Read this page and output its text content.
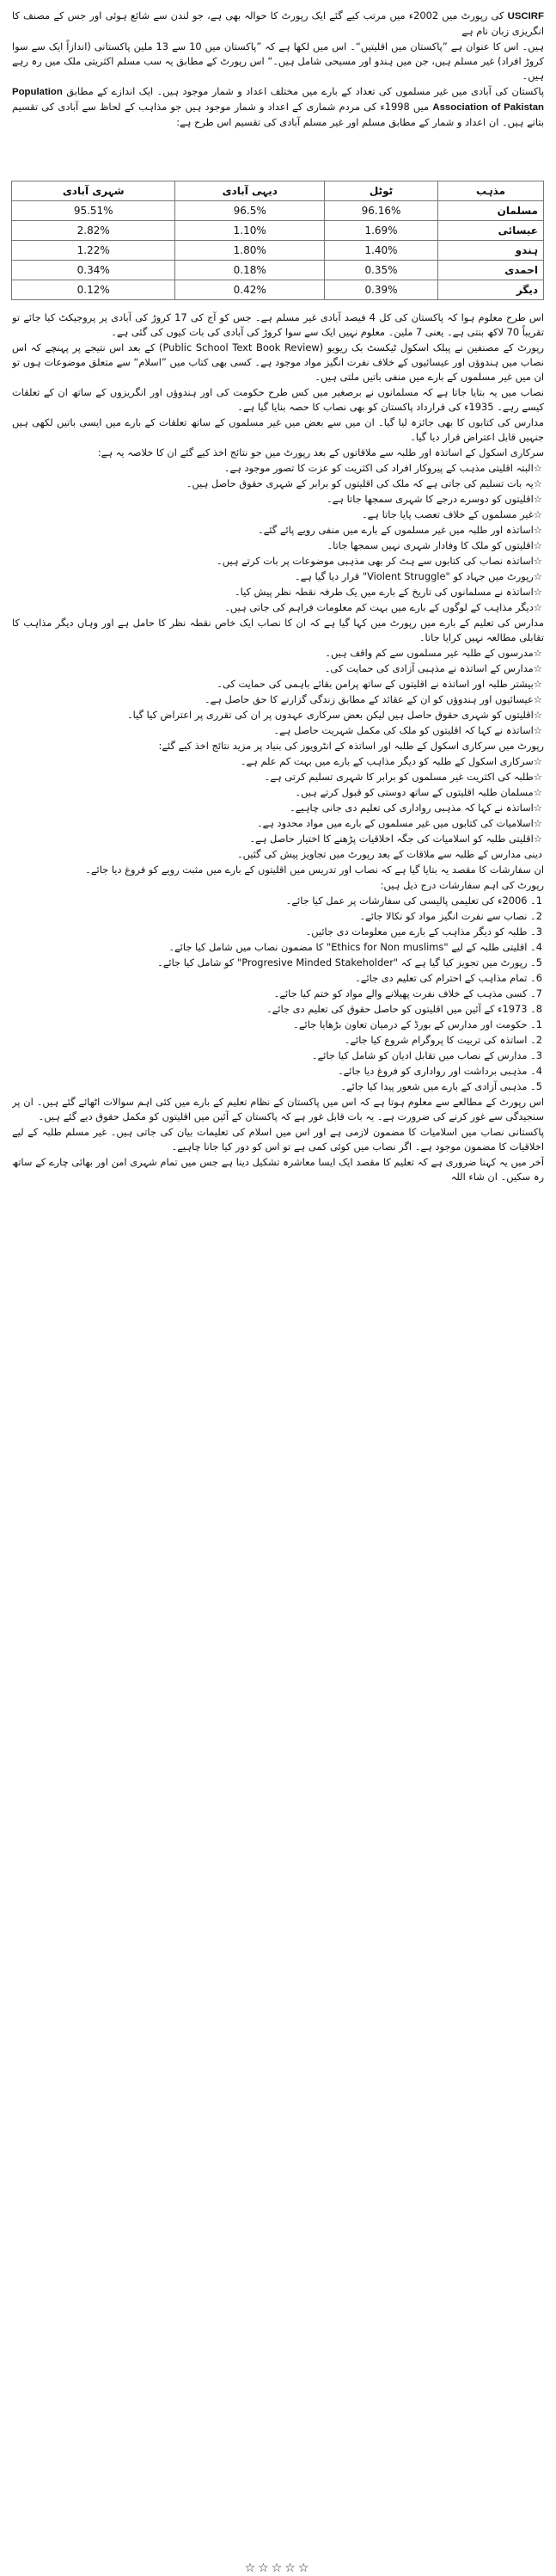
USCIRF کی رپورٹ میں 2002ء میں مرتب کیے گئے ایک رپورٹ کا حوالہ بھی ہے، جو لندن سے شائع ہوئی اور جس کے مصنف کا انگریزی زبان نام ہے

ہیں۔ اس کا عنوان ہے ”پاکستان میں اقلیتیں“۔ اس میں لکھا ہے کہ ”پاکستان میں 10 سے 13 ملین پاکستانی (اندازاً ایک سے سوا کروڑ افراد) غیر مسلم ہیں، جن میں ہندو اور مسیحی شامل ہیں۔“ اس رپورٹ کے مطابق یہ سب مسلم اکثریتی ملک میں رہ رہے ہیں۔

پاکستان کی آبادی میں غیر مسلموں کی تعداد کے بارے میں مختلف اعداد و شمار موجود ہیں۔ ایک اندازے کے مطابق Population Association of Pakistan میں 1998ء کی مردم شماری کے اعداد و شمار موجود ہیں جو مذاہب کے لحاظ سے آبادی کی تقسیم بتاتے ہیں۔ ان اعداد و شمار کے مطابق مسلم اور غیر مسلم آبادی کی تقسیم اس طرح ہے:

مذہب	ٹوٹل	دیہی آبادی	شہری آبادی
مسلمان	96.16%	96.5%	95.51%
عیسائی	1.69%	1.10%	2.82%
ہندو	1.40%	1.80%	1.22%
احمدی	0.35%	0.18%	0.34%
دیگر	0.39%	0.42%	0.12%

اس طرح معلوم ہوا کہ پاکستان کی کل 4 فیصد آبادی غیر مسلم ہے۔ جس کو آج کی 17 کروڑ کی آبادی پر پروجیکٹ کیا جائے تو تقریباً 70 لاکھ بنتی ہے۔ یعنی 7 ملین۔ معلوم نہیں ایک سے سوا کروڑ کی آبادی کی بات کیوں کی گئی ہے۔

رپورٹ کے مصنفین نے پبلک اسکول ٹیکسٹ بک ریویو (Public School Text Book Review) کے بعد اس نتیجے پر پہنچے کہ اس نصاب میں ہندوؤں اور عیسائیوں کے خلاف نفرت انگیز مواد موجود ہے۔ کسی بھی کتاب میں ”اسلام“ سے متعلق موضوعات ہوں تو ان میں غیر مسلموں کے بارے میں منفی باتیں ملتی ہیں۔

نصاب میں یہ بتایا جاتا ہے کہ مسلمانوں نے برصغیر میں کس طرح حکومت کی اور ہندوؤں اور انگریزوں کے ساتھ ان کے تعلقات کیسے رہے۔ 1935ء کی قرارداد پاکستان کو بھی نصاب کا حصہ بنایا گیا ہے۔

مدارس کی کتابوں کا بھی جائزہ لیا گیا۔ ان میں سے بعض میں غیر مسلموں کے ساتھ تعلقات کے بارے میں ایسی باتیں لکھی ہیں جنہیں قابل اعتراض قرار دیا گیا۔

سرکاری اسکول کے اساتذہ اور طلبہ سے ملاقاتوں کے بعد رپورٹ میں جو نتائج اخذ کیے گئے ان کا خلاصہ یہ ہے:

☆البتہ اقلیتی مذہب کے پیروکار افراد کی اکثریت کو عزت کا تصور موجود ہے۔

☆یہ بات تسلیم کی جاتی ہے کہ ملک کی اقلیتوں کو برابر کے شہری حقوق حاصل ہیں۔

☆اقلیتوں کو دوسرے درجے کا شہری سمجھا جاتا ہے۔

☆غیر مسلموں کے خلاف تعصب پایا جاتا ہے۔

☆اساتذہ اور طلبہ میں غیر مسلموں کے بارے میں منفی رویے پائے گئے۔

☆اقلیتوں کو ملک کا وفادار شہری نہیں سمجھا جاتا۔

☆اساتذہ نصاب کی کتابوں سے ہٹ کر بھی مذہبی موضوعات پر بات کرتے ہیں۔

☆رپورٹ میں جہاد کو "Violent Struggle" قرار دیا گیا ہے۔

☆اساتذہ نے مسلمانوں کی تاریخ کے بارے میں یک طرفہ نقطہ نظر پیش کیا۔

☆دیگر مذاہب کے لوگوں کے بارے میں بہت کم معلومات فراہم کی جاتی ہیں۔

مدارس کی تعلیم کے بارے میں رپورٹ میں کہا گیا ہے کہ ان کا نصاب ایک خاص نقطہ نظر کا حامل ہے اور وہاں دیگر مذاہب کا تقابلی مطالعہ نہیں کرایا جاتا۔

☆مدرسوں کے طلبہ غیر مسلموں سے کم واقف ہیں۔

☆مدارس کے اساتذہ نے مذہبی آزادی کی حمایت کی۔

☆بیشتر طلبہ اور اساتذہ نے اقلیتوں کے ساتھ پرامن بقائے باہمی کی حمایت کی۔

☆عیسائیوں اور ہندوؤں کو ان کے عقائد کے مطابق زندگی گزارنے کا حق حاصل ہے۔

☆اقلیتوں کو شہری حقوق حاصل ہیں لیکن بعض سرکاری عہدوں پر ان کی تقرری پر اعتراض کیا گیا۔

☆اساتذہ نے کہا کہ اقلیتوں کو ملک کی مکمل شہریت حاصل ہے۔

رپورٹ میں سرکاری اسکول کے طلبہ اور اساتذہ کے انٹرویوز کی بنیاد پر مزید نتائج اخذ کیے گئے:

☆سرکاری اسکول کے طلبہ کو دیگر مذاہب کے بارے میں بہت کم علم ہے۔

☆طلبہ کی اکثریت غیر مسلموں کو برابر کا شہری تسلیم کرتی ہے۔

☆مسلمان طلبہ اقلیتوں کے ساتھ دوستی کو قبول کرتے ہیں۔

☆اساتذہ نے کہا کہ مذہبی رواداری کی تعلیم دی جانی چاہیے۔

☆اسلامیات کی کتابوں میں غیر مسلموں کے بارے میں مواد محدود ہے۔

☆اقلیتی طلبہ کو اسلامیات کی جگہ اخلاقیات پڑھنے کا اختیار حاصل ہے۔

دینی مدارس کے طلبہ سے ملاقات کے بعد رپورٹ میں تجاویز پیش کی گئیں۔

ان سفارشات کا مقصد یہ بتایا گیا ہے کہ نصاب اور تدریس میں اقلیتوں کے بارے میں مثبت رویے کو فروغ دیا جائے۔

رپورٹ کی اہم سفارشات درج ذیل ہیں:

1۔ 2006ء کی تعلیمی پالیسی کی سفارشات پر عمل کیا جائے۔

2۔ نصاب سے نفرت انگیز مواد کو نکالا جائے۔

3۔ طلبہ کو دیگر مذاہب کے بارے میں معلومات دی جائیں۔

4۔ اقلیتی طلبہ کے لیے "Ethics for Non muslims" کا مضمون نصاب میں شامل کیا جائے۔

5۔ رپورٹ میں تجویز کیا گیا ہے کہ "Progresive Minded Stakeholder" کو شامل کیا جائے۔

6۔ تمام مذاہب کے احترام کی تعلیم دی جائے۔

7۔ کسی مذہب کے خلاف نفرت پھیلانے والے مواد کو ختم کیا جائے۔

8۔ 1973ء کے آئین میں اقلیتوں کو حاصل حقوق کی تعلیم دی جائے۔

1۔ حکومت اور مدارس کے بورڈ کے درمیان تعاون بڑھایا جائے۔

2۔ اساتذہ کی تربیت کا پروگرام شروع کیا جائے۔

3۔ مدارس کے نصاب میں تقابل ادیان کو شامل کیا جائے۔

4۔ مذہبی برداشت اور رواداری کو فروغ دیا جائے۔

5۔ مذہبی آزادی کے بارے میں شعور پیدا کیا جائے۔

اس رپورٹ کے مطالعے سے معلوم ہوتا ہے کہ اس میں پاکستان کے نظام تعلیم کے بارے میں کئی اہم سوالات اٹھائے گئے ہیں۔ ان پر سنجیدگی سے غور کرنے کی ضرورت ہے۔ یہ بات قابل غور ہے کہ پاکستان کے آئین میں اقلیتوں کو مکمل حقوق دیے گئے ہیں۔

پاکستانی نصاب میں اسلامیات کا مضمون لازمی ہے اور اس میں اسلام کی تعلیمات بیان کی جاتی ہیں۔ غیر مسلم طلبہ کے لیے اخلاقیات کا مضمون موجود ہے۔ اگر نصاب میں کوئی کمی ہے تو اس کو دور کیا جانا چاہیے۔

آخر میں یہ کہنا ضروری ہے کہ تعلیم کا مقصد ایک ایسا معاشرہ تشکیل دینا ہے جس میں تمام شہری امن اور بھائی چارے کے ساتھ رہ سکیں۔ ان شاء اللہ

☆☆☆☆☆
